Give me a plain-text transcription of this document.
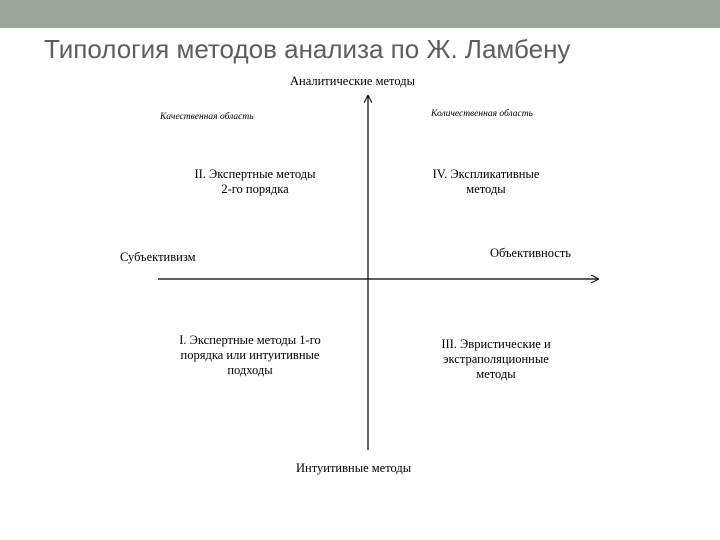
Типология методов анализа по Ж. Ламбену
Аналитические методы
Интуитивные методы
Субъективизм	Объективность
Качественная область	Количественная область
II. Экспертные методы
2-го порядка
IV. Экспликативные
методы
I. Экспертные методы 1-го
порядка или интуитивные
подходы
III. Эвристические и
экстраполяционные
методы
